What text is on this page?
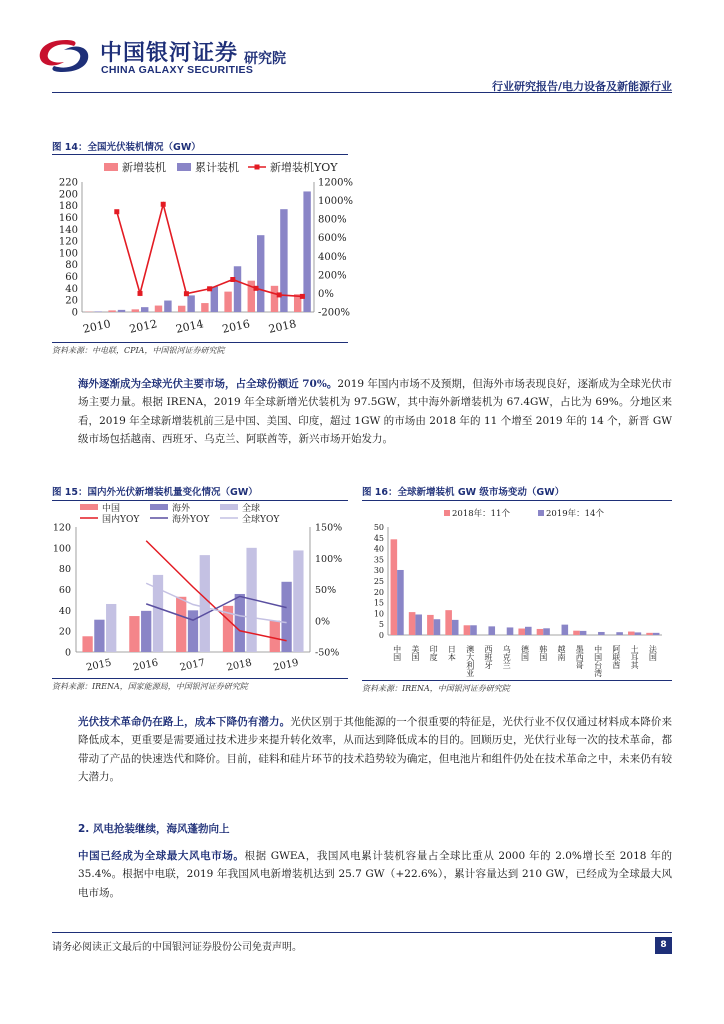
中国银河证券
CHINA GALAXY SECURITIES
研究院
行业研究报告/电力设备及新能源行业
图 14：全国光伏装机情况（GW）
220
200
180
160
140
120
100
80
60
40
20
0
1200%
1000%
800%
600%
400%
200%
0%
-200%
2010 2012 2014 2016 2018
新增装机	累计装机	新增装机YOY
资料来源：中电联，CPIA，中国银河证券研究院
海外逐渐成为全球光伏主要市场，占全球份额近 70%。2019 年国内市场不及预期，但海外市场表现良好，逐渐成为全球光伏市场主要力量。根据 IRENA，2019 年全球新增光伏装机为 97.5GW，其中海外新增装机为 67.4GW，占比为 69%。分地区来看，2019 年全球新增装机前三是中国、美国、印度，超过 1GW 的市场由 2018 年的 11 个增至 2019 年的 14 个，新晋 GW 级市场包括越南、西班牙、乌克兰、阿联酋等，新兴市场开始发力。
图 15：国内外光伏新增装机量变化情况（GW）
120
100
80
60
40
20
0
150%
100%
50%
0%
-50%
2015 2016 2017 2018 2019
中国	海外	全球
国内YOY	海外YOY	全球YOY
资料来源：IRENA，国家能源局，中国银河证券研究院
图 16：全球新增装机 GW 级市场变动（GW）
50
45
40
35
30
25
20
15
10
5
0
中国 美国 印度 日本 澳大利亚 西班牙 乌克兰 德国 韩国 越南 墨西哥 中国台湾 阿联酋 土耳其 法国
2018年：11个	2019年：14个
资料来源：IRENA，中国银河证券研究院
光伏技术革命仍在路上，成本下降仍有潜力。光伏区别于其他能源的一个很重要的特征是，光伏行业不仅仅通过材料成本降价来降低成本，更重要是需要通过技术进步来提升转化效率，从而达到降低成本的目的。回顾历史，光伏行业每一次的技术革命，都带动了产品的快速迭代和降价。目前，硅料和硅片环节的技术趋势较为确定，但电池片和组件仍处在技术革命之中，未来仍有较大潜力。
2. 风电抢装继续，海风蓬勃向上
中国已经成为全球最大风电市场。根据 GWEA，我国风电累计装机容量占全球比重从 2000 年的 2.0%增长至 2018 年的 35.4%。根据中电联，2019 年我国风电新增装机达到 25.7 GW（+22.6%），累计容量达到 210 GW，已经成为全球最大风电市场。
请务必阅读正文最后的中国银河证券股份公司免责声明。	8
